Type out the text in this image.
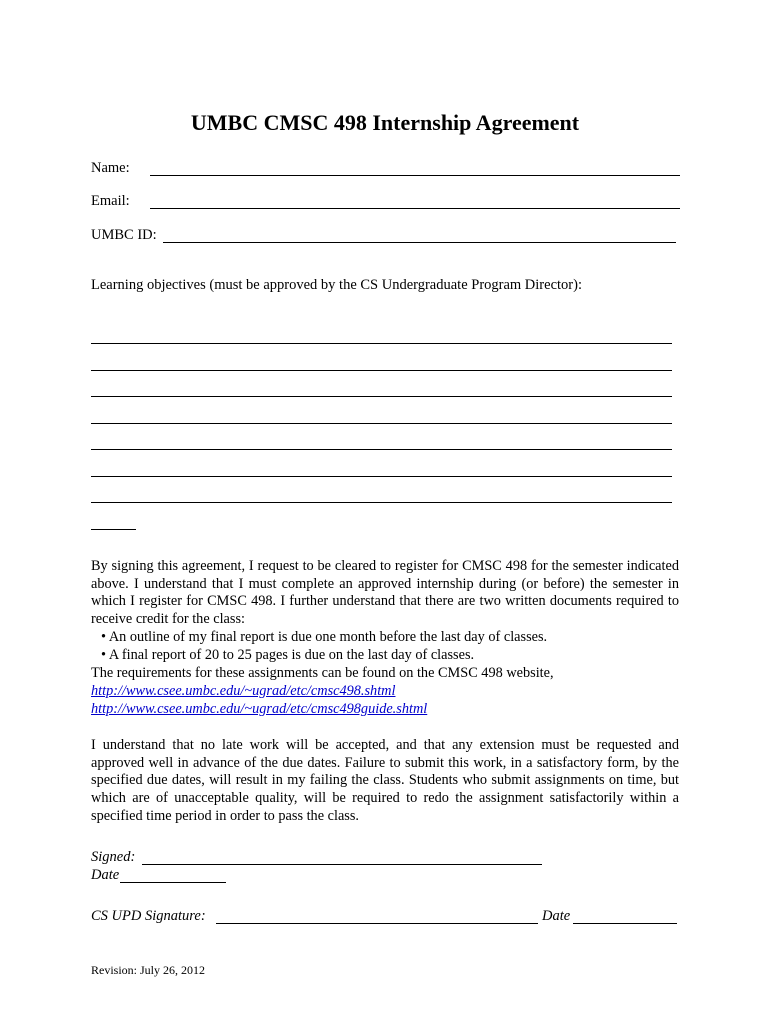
UMBC CMSC 498 Internship Agreement
Name:
Email:
UMBC ID:
Learning objectives (must be approved by the CS Undergraduate Program Director):
By signing this agreement, I request to be cleared to register for CMSC 498 for the semester indicated above. I understand that I must complete an approved internship during (or before) the semester in which I register for CMSC 498. I further understand that there are two written documents required to receive credit for the class:
• An outline of my final report is due one month before the last day of classes.
• A final report of 20 to 25 pages is due on the last day of classes.
The requirements for these assignments can be found on the CMSC 498 website,
http://www.csee.umbc.edu/~ugrad/etc/cmsc498.shtml
http://www.csee.umbc.edu/~ugrad/etc/cmsc498guide.shtml
I understand that no late work will be accepted, and that any extension must be requested and approved well in advance of the due dates. Failure to submit this work, in a satisfactory form, by the specified due dates, will result in my failing the class. Students who submit assignments on time, but which are of unacceptable quality, will be required to redo the assignment satisfactorily within a specified time period in order to pass the class.
Signed:
Date
CS UPD Signature:	Date
Revision: July 26, 2012
